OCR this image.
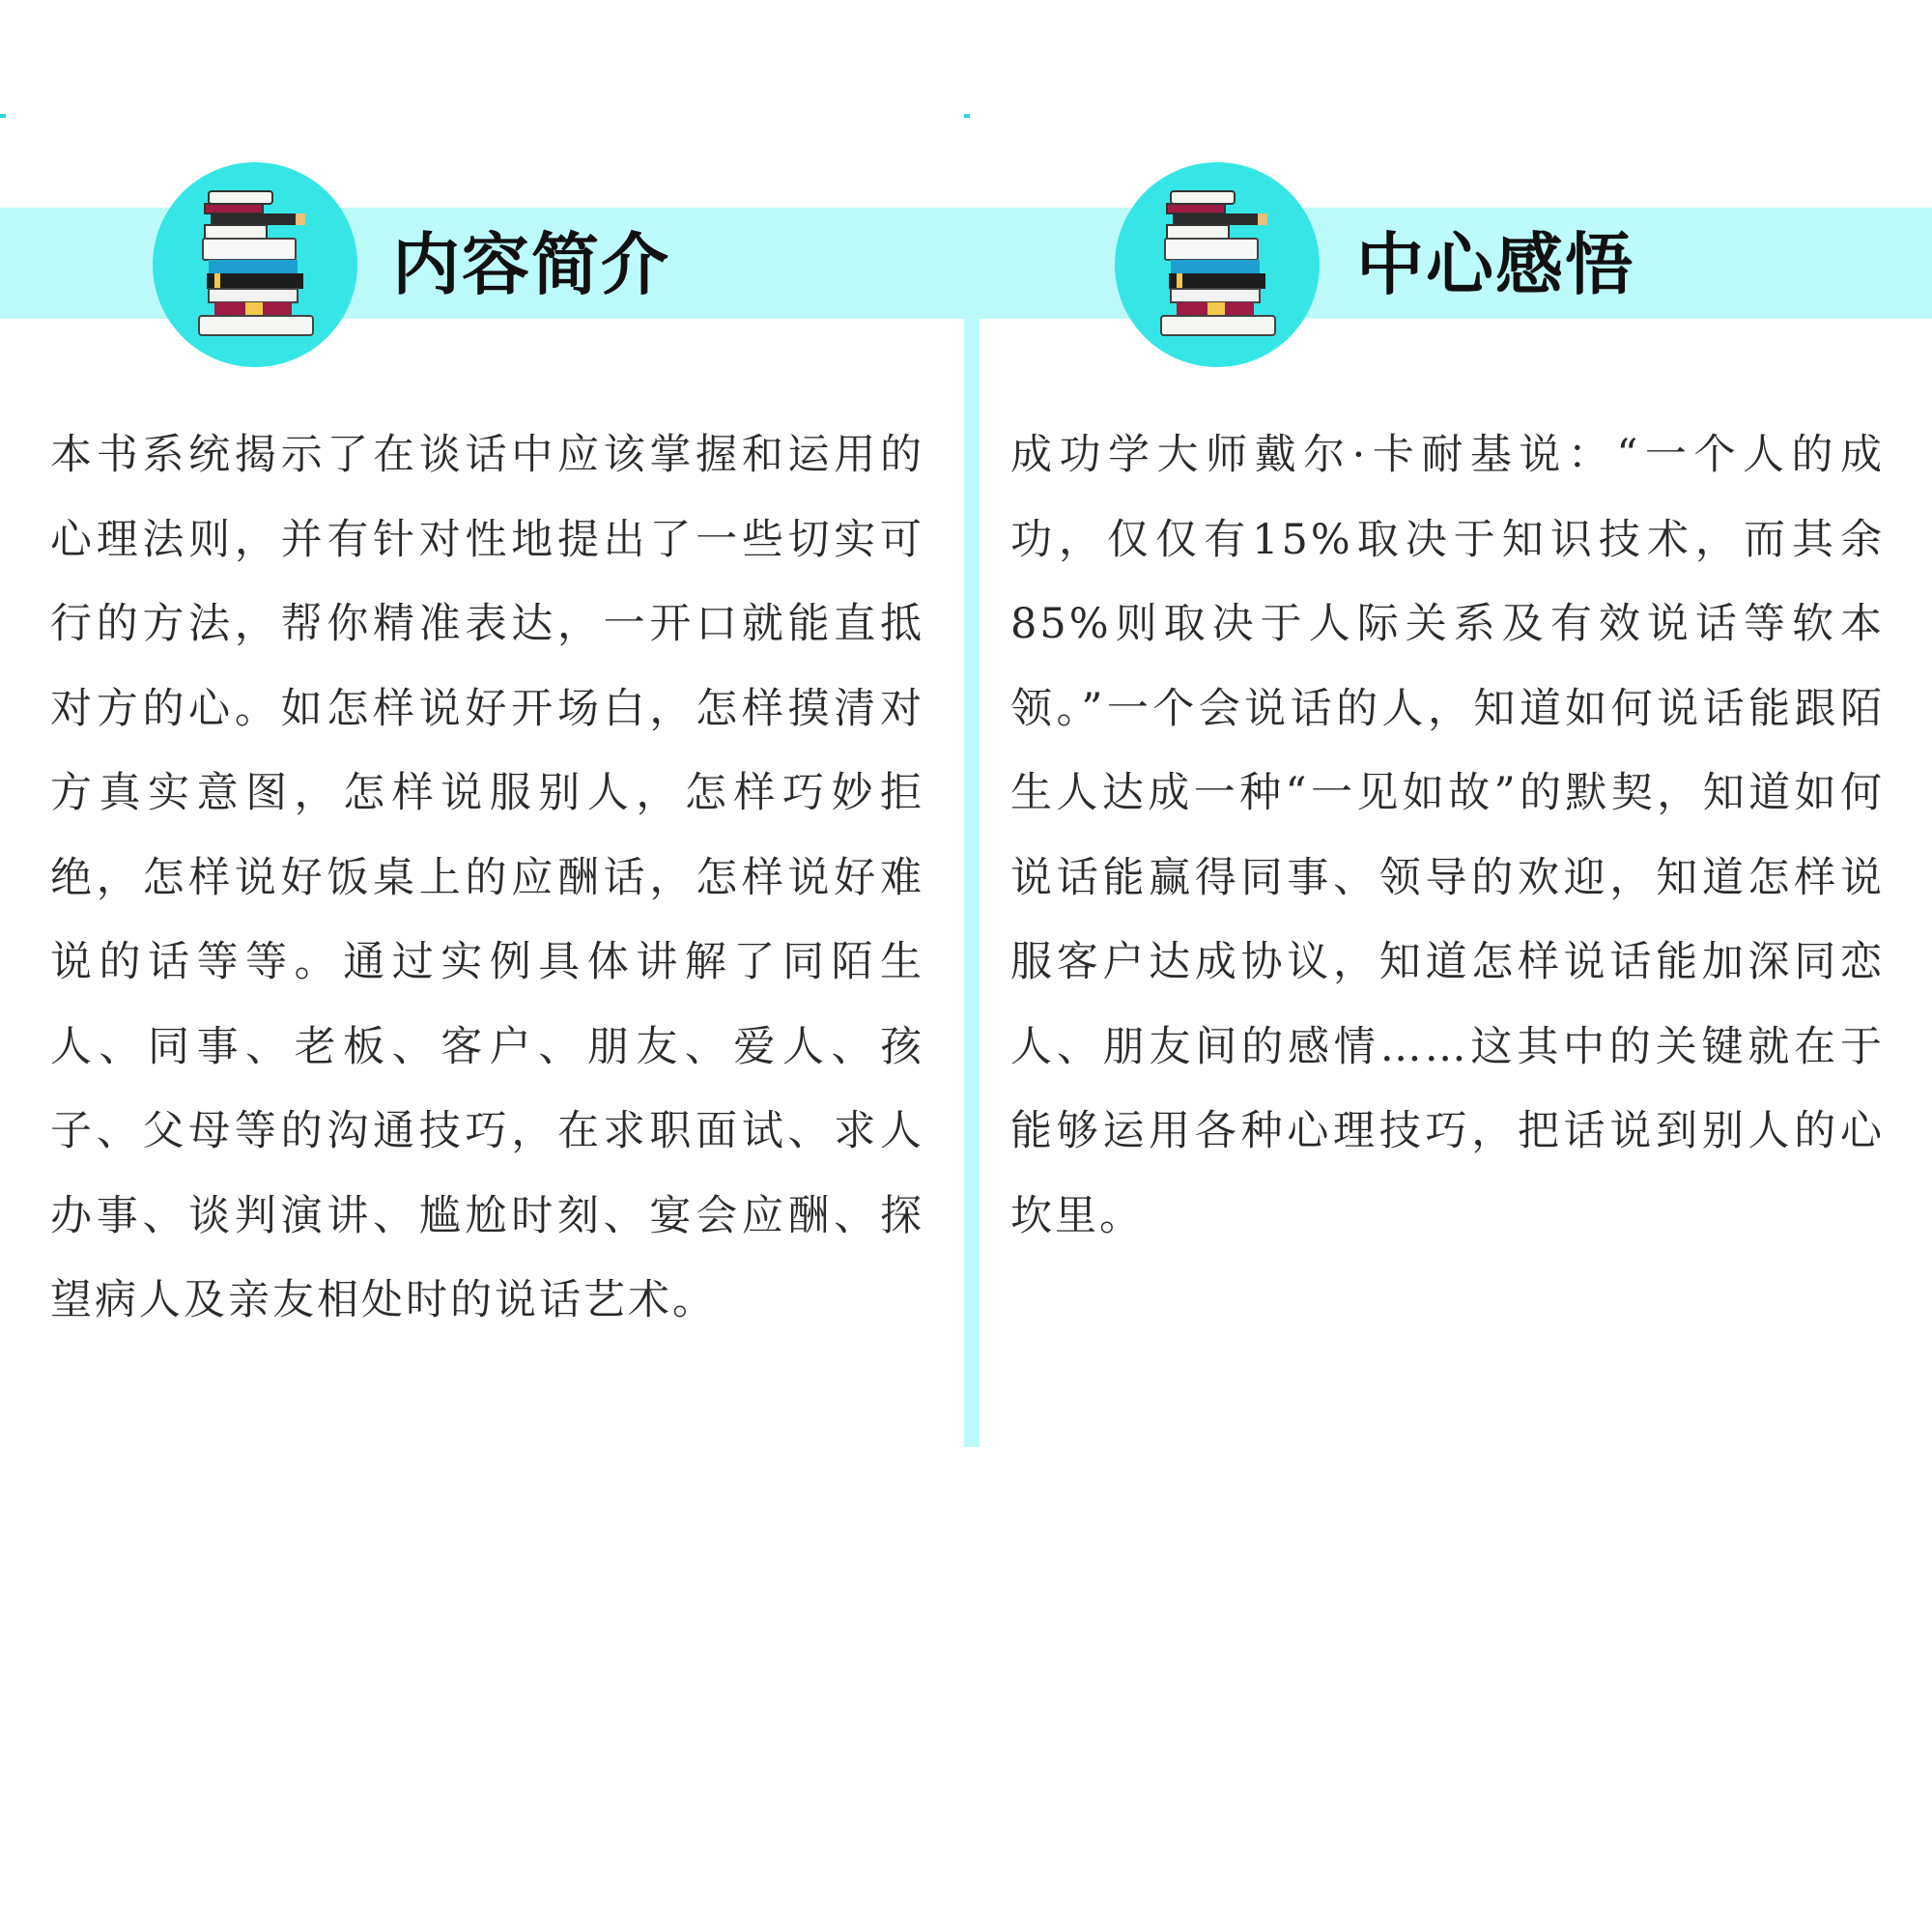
内容简介

本书系统揭示了在谈话中应该掌握和运用的心理法则，并有针对性地提出了一些切实可行的方法，帮你精准表达，一开口就能直抵对方的心。如怎样说好开场白，怎样摸清对方真实意图，怎样说服别人，怎样巧妙拒绝，怎样说好饭桌上的应酬话，怎样说好难说的话等等。通过实例具体讲解了同陌生人、同事、老板、客户、朋友、爱人、孩子、父母等的沟通技巧，在求职面试、求人办事、谈判演讲、尴尬时刻、宴会应酬、探望病人及亲友相处时的说话艺术。

中心感悟

成功学大师戴尔·卡耐基说：“一个人的成功，仅仅有15%取决于知识技术，而其余85%则取决于人际关系及有效说话等软本领。”一个会说话的人，知道如何说话能跟陌生人达成一种“一见如故”的默契，知道如何说话能赢得同事、领导的欢迎，知道怎样说服客户达成协议，知道怎样说话能加深同恋人、朋友间的感情……这其中的关键就在于能够运用各种心理技巧，把话说到别人的心坎里。
